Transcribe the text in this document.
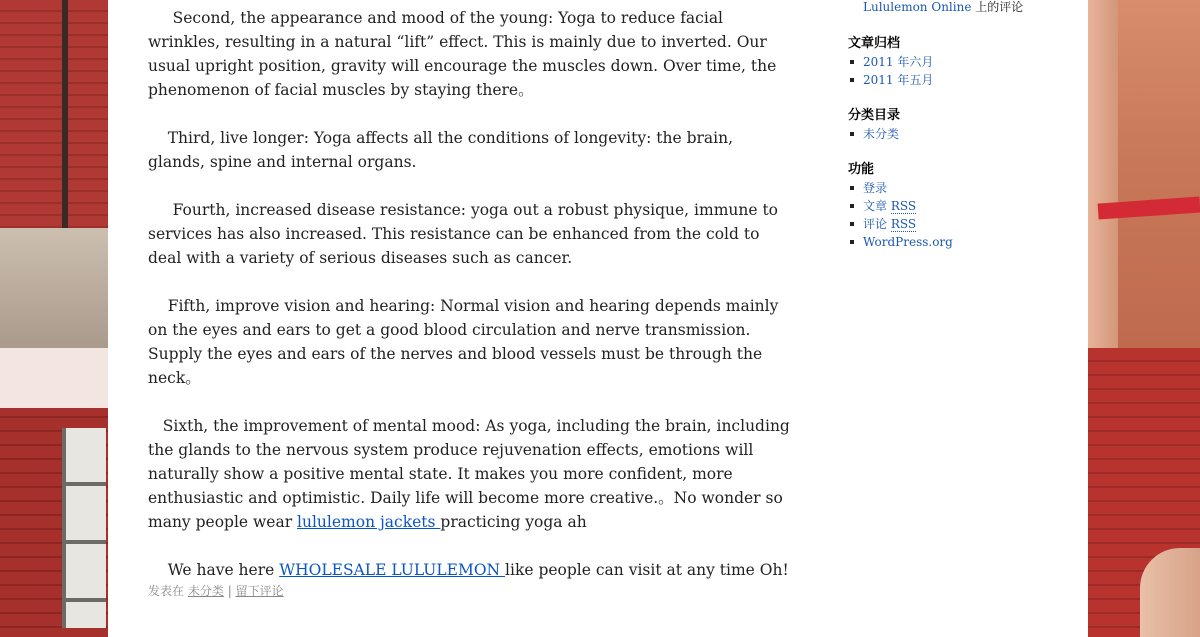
Second, the appearance and mood of the young: Yoga to reduce facial wrinkles, resulting in a natural “lift” effect. This is mainly due to inverted. Our usual upright position, gravity will encourage the muscles down. Over time, the phenomenon of facial muscles by staying there。

Third, live longer: Yoga affects all the conditions of longevity: the brain, glands, spine and internal organs.

Fourth, increased disease resistance: yoga out a robust physique, immune to services has also increased. This resistance can be enhanced from the cold to deal with a variety of serious diseases such as cancer.

Fifth, improve vision and hearing: Normal vision and hearing depends mainly on the eyes and ears to get a good blood circulation and nerve transmission. Supply the eyes and ears of the nerves and blood vessels must be through the neck。

Sixth, the improvement of mental mood: As yoga, including the brain, including the glands to the nervous system produce rejuvenation effects, emotions will naturally show a positive mental state. It makes you more confident, more enthusiastic and optimistic. Daily life will become more creative.。No wonder so many people wear lululemon jackets practicing yoga ah

We have here WHOLESALE LULULEMON like people can visit at any time Oh!

发表在 未分类 | 留下评论
Lululemon Online 上的评论
文章归档
2011 年六月
2011 年五月
分类目录
未分类
功能
登录
文章 RSS
评论 RSS
WordPress.org
